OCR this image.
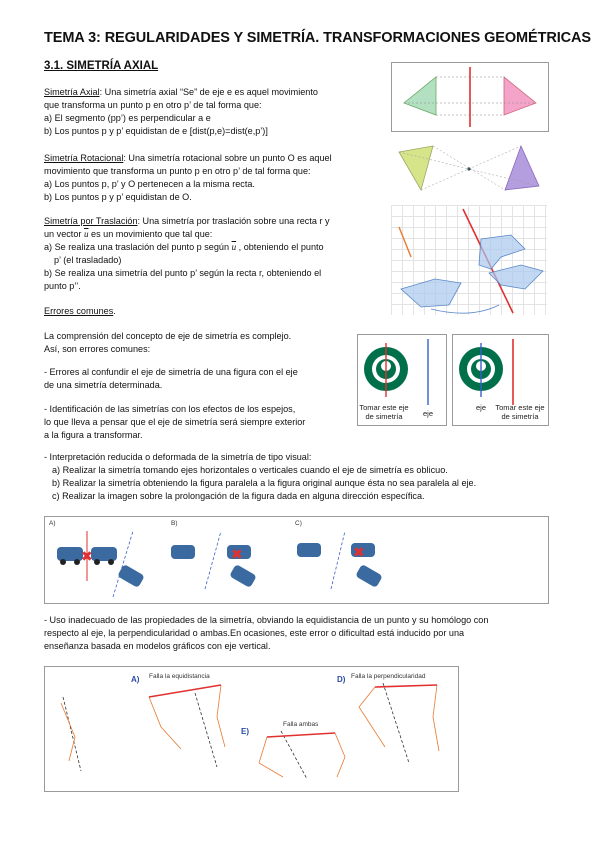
TEMA 3: REGULARIDADES Y SIMETRÍA. TRANSFORMACIONES GEOMÉTRICAS
3.1. SIMETRÍA AXIAL
Simetría Axial: Una simetría axial “Se” de eje e es aquel movimiento
que transforma un punto p en otro p’ de tal forma que:
a) El segmento (pp’) es perpendicular a e
b) Los puntos p y p’ equidistan de e [dist(p,e)=dist(e,p’)]
Simetría Rotacional: Una simetría rotacional sobre un punto O es aquel
movimiento que transforma un punto p en otro p’ de tal forma que:
a) Los puntos p, p’ y O pertenecen a la misma recta.
b) Los puntos p y p’ equidistan de O.
Simetría por Traslación: Una simetría por traslación sobre una recta r y
un vector $\overline{u}$ es un movimiento que tal que:
a) Se realiza una traslación del punto p según $\overline{u}$ , obteniendo el punto
p’ (el trasladado)
b) Se realiza una simetría del punto p’ según la recta r, obteniendo el
punto p’’.
Errores comunes.
La comprensión del concepto de eje de simetría es complejo.
Así, son errores comunes:
- Errores al confundir el eje de simetría de una figura con el eje
de una simetría determinada.
- Identificación de las simetrías con los efectos de los espejos,
lo que lleva a pensar que el eje de simetría será siempre exterior
a la figura a transformar.
- Interpretación reducida o deformada de la simetría de tipo visual:
a) Realizar la simetría tomando ejes horizontales o verticales cuando el eje de simetría es oblicuo.
b) Realizar la simetría obteniendo la figura paralela a la figura original aunque ésta no sea paralela al eje.
c) Realizar la imagen sobre la prolongación de la figura dada en alguna dirección específica.
- Uso inadecuado de las propiedades de la simetría, obviando la equidistancia de un punto y su homólogo con
respecto al eje, la perpendicularidad o ambas.En ocasiones, este error o dificultad está inducido por una
enseñanza basada en modelos gráficos con eje vertical.
Tomar este eje de simetría	eje
eje	Tomar este eje de simetría
A)	B)	C)
✖	✖	✖
A) Falla la equidistancia	D) Falla la perpendicularidad
E)
Falla ambas
